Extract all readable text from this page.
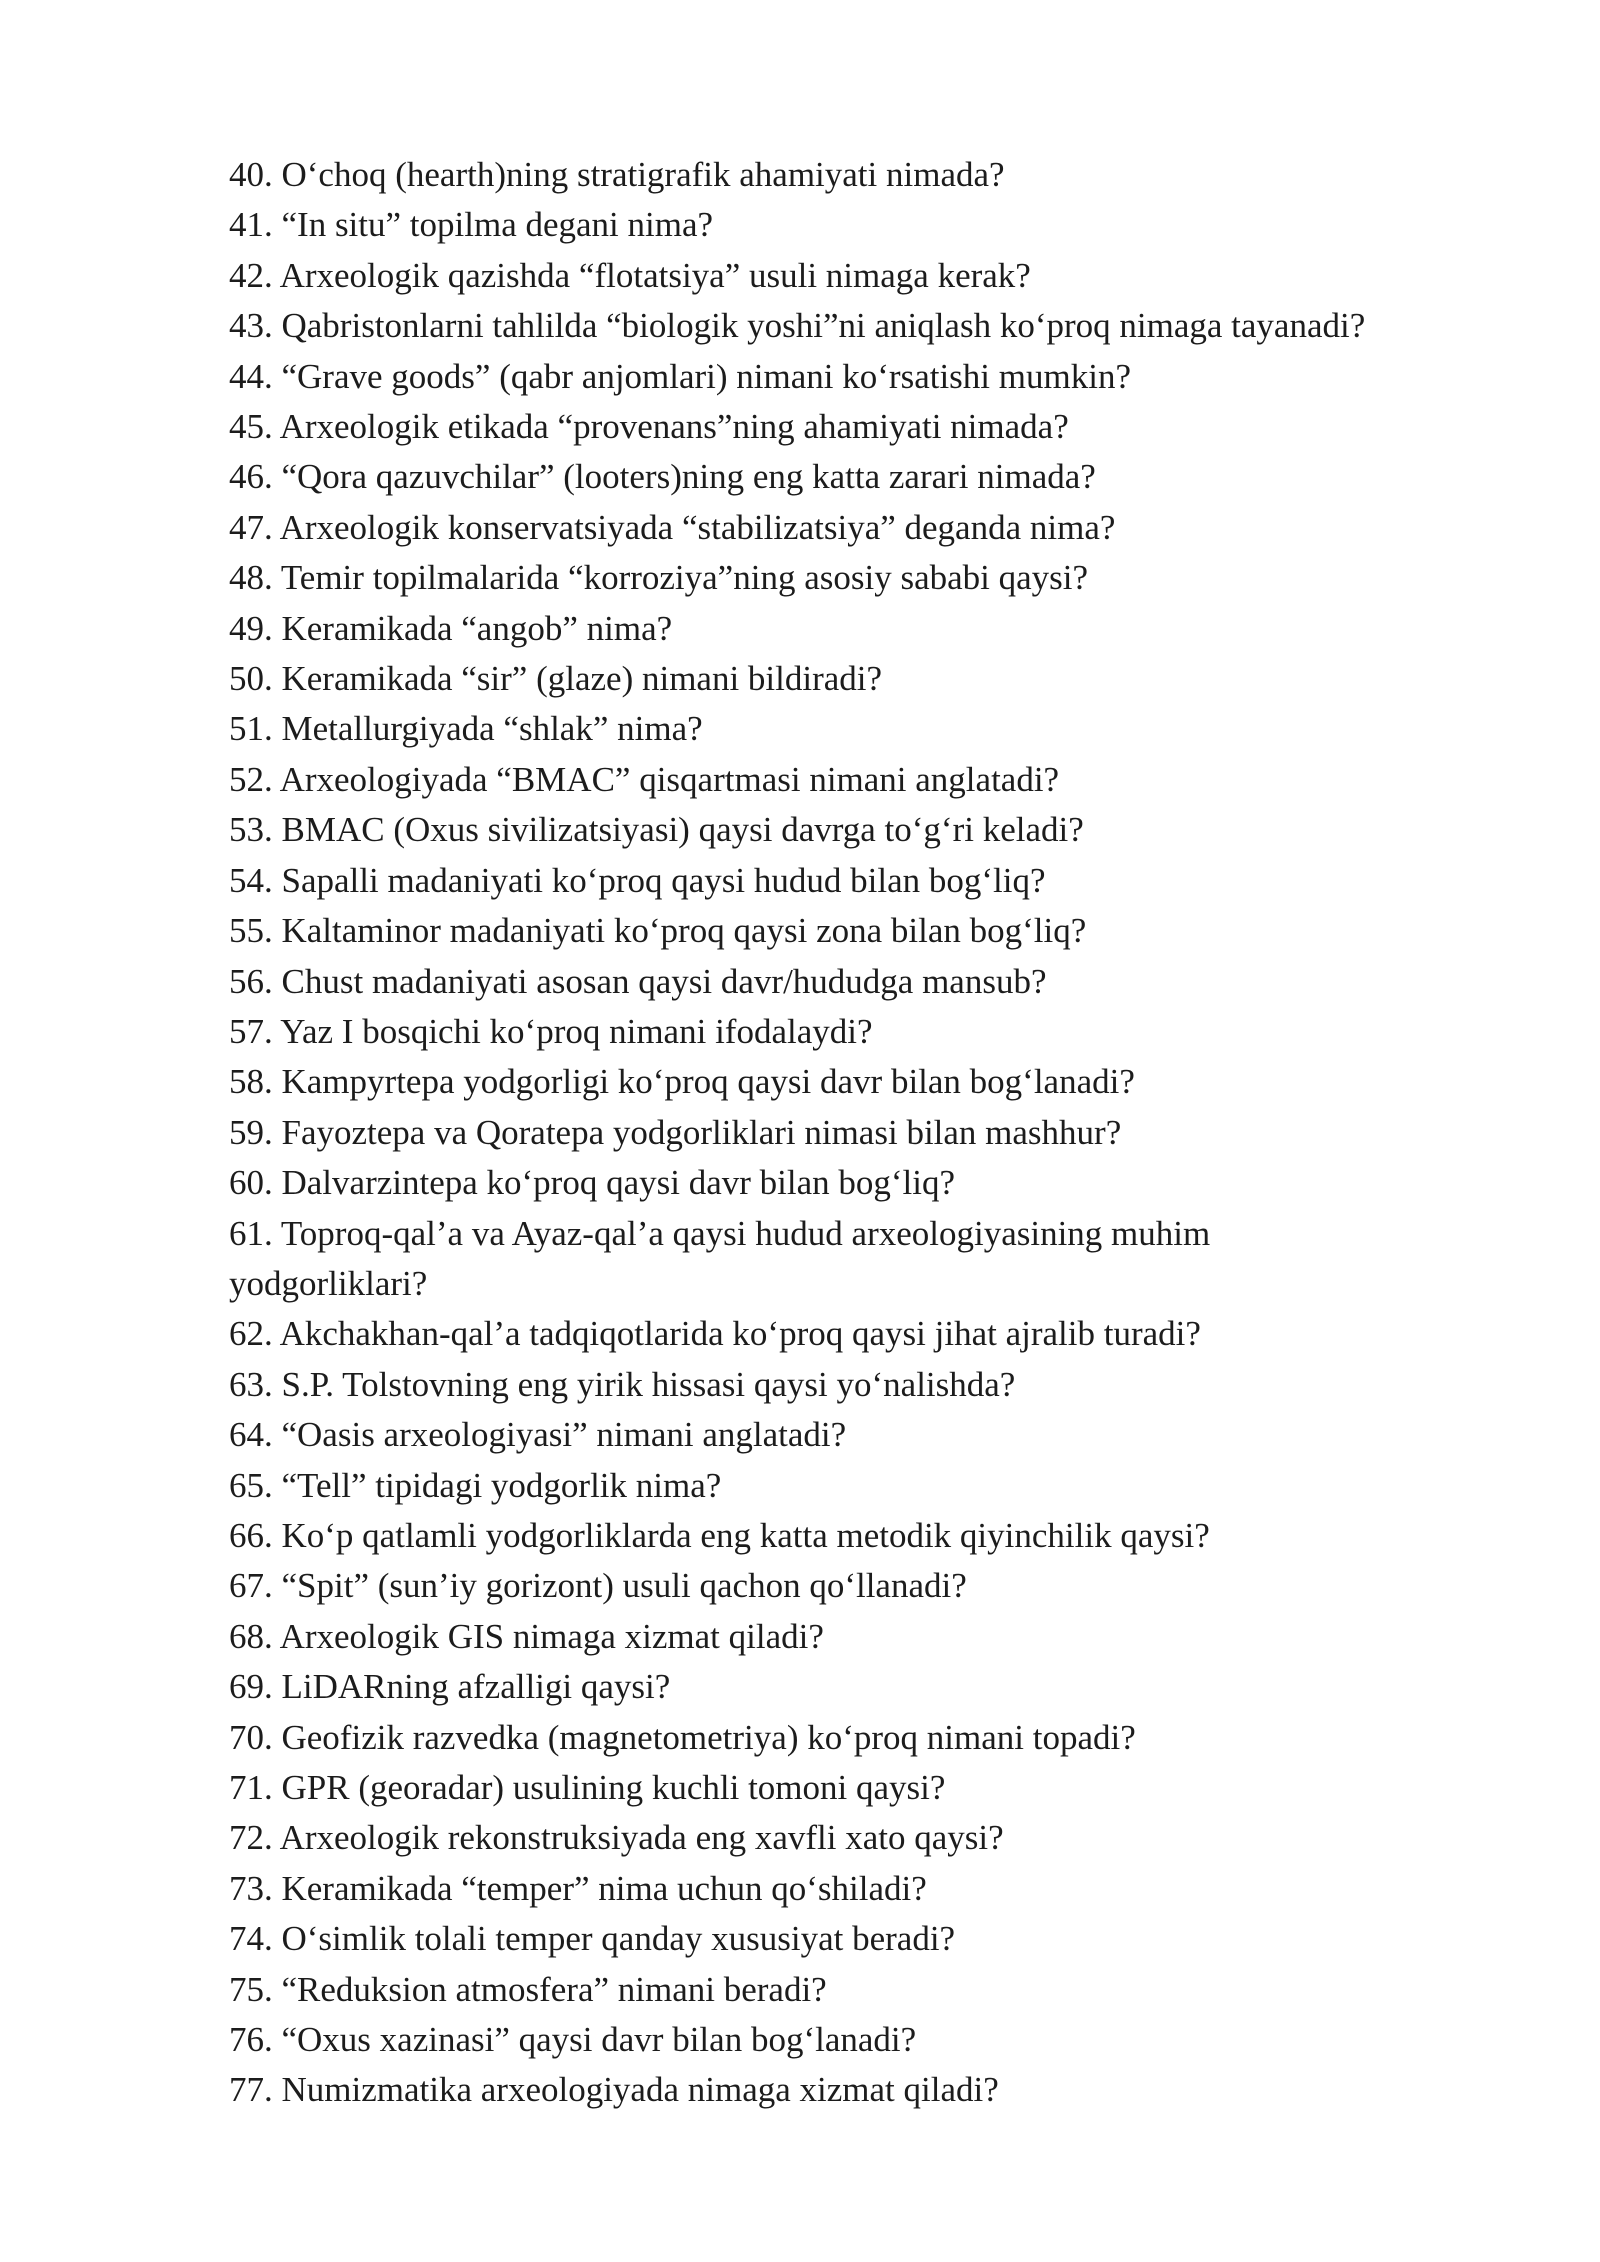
40. O‘choq (hearth)ning stratigrafik ahamiyati nimada?
41. “In situ” topilma degani nima?
42. Arxeologik qazishda “flotatsiya” usuli nimaga kerak?
43. Qabristonlarni tahlilda “biologik yoshi”ni aniqlash ko‘proq nimaga tayanadi?
44. “Grave goods” (qabr anjomlari) nimani ko‘rsatishi mumkin?
45. Arxeologik etikada “provenans”ning ahamiyati nimada?
46. “Qora qazuvchilar” (looters)ning eng katta zarari nimada?
47. Arxeologik konservatsiyada “stabilizatsiya” deganda nima?
48. Temir topilmalarida “korroziya”ning asosiy sababi qaysi?
49. Keramikada “angob” nima?
50. Keramikada “sir” (glaze) nimani bildiradi?
51. Metallurgiyada “shlak” nima?
52. Arxeologiyada “BMAC” qisqartmasi nimani anglatadi?
53. BMAC (Oxus sivilizatsiyasi) qaysi davrga to‘g‘ri keladi?
54. Sapalli madaniyati ko‘proq qaysi hudud bilan bog‘liq?
55. Kaltaminor madaniyati ko‘proq qaysi zona bilan bog‘liq?
56. Chust madaniyati asosan qaysi davr/hududga mansub?
57. Yaz I bosqichi ko‘proq nimani ifodalaydi?
58. Kampyrtepa yodgorligi ko‘proq qaysi davr bilan bog‘lanadi?
59. Fayoztepa va Qoratepa yodgorliklari nimasi bilan mashhur?
60. Dalvarzintepa ko‘proq qaysi davr bilan bog‘liq?
61. Toproq-qal’a va Ayaz-qal’a qaysi hudud arxeologiyasining muhim yodgorliklari?
62. Akchakhan-qal’a tadqiqotlarida ko‘proq qaysi jihat ajralib turadi?
63. S.P. Tolstovning eng yirik hissasi qaysi yo‘nalishda?
64. “Oasis arxeologiyasi” nimani anglatadi?
65. “Tell” tipidagi yodgorlik nima?
66. Ko‘p qatlamli yodgorliklarda eng katta metodik qiyinchilik qaysi?
67. “Spit” (sun’iy gorizont) usuli qachon qo‘llanadi?
68. Arxeologik GIS nimaga xizmat qiladi?
69. LiDARning afzalligi qaysi?
70. Geofizik razvedka (magnetometriya) ko‘proq nimani topadi?
71. GPR (georadar) usulining kuchli tomoni qaysi?
72. Arxeologik rekonstruksiyada eng xavfli xato qaysi?
73. Keramikada “temper” nima uchun qo‘shiladi?
74. O‘simlik tolali temper qanday xususiyat beradi?
75. “Reduksion atmosfera” nimani beradi?
76. “Oxus xazinasi” qaysi davr bilan bog‘lanadi?
77. Numizmatika arxeologiyada nimaga xizmat qiladi?
